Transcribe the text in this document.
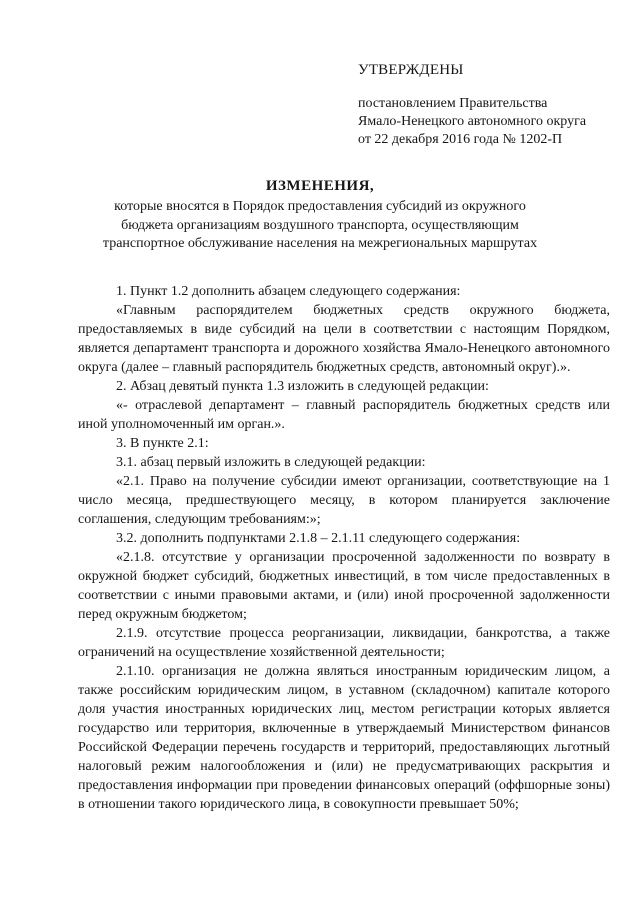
УТВЕРЖДЕНЫ
постановлением Правительства
Ямало-Ненецкого автономного округа
от 22 декабря 2016 года № 1202-П
ИЗМЕНЕНИЯ,
которые вносятся в Порядок предоставления субсидий из окружного
бюджета организациям воздушного транспорта, осуществляющим
транспортное обслуживание населения на межрегиональных маршрутах

1. Пункт 1.2 дополнить абзацем следующего содержания:

«Главным распорядителем бюджетных средств окружного бюджета, предоставляемых в виде субсидий на цели в соответствии с настоящим Порядком, является департамент транспорта и дорожного хозяйства Ямало-Ненецкого автономного округа (далее – главный распорядитель бюджетных средств, автономный округ).».

2. Абзац девятый пункта 1.3 изложить в следующей редакции:

«- отраслевой департамент – главный распорядитель бюджетных средств или иной уполномоченный им орган.».

3. В пункте 2.1:

3.1. абзац первый изложить в следующей редакции:

«2.1. Право на получение субсидии имеют организации, соответствующие на 1 число месяца, предшествующего месяцу, в котором планируется заключение соглашения, следующим требованиям:»;

3.2. дополнить подпунктами 2.1.8 – 2.1.11 следующего содержания:

«2.1.8. отсутствие у организации просроченной задолженности по возврату в окружной бюджет субсидий, бюджетных инвестиций, в том числе предоставленных в соответствии с иными правовыми актами, и (или) иной просроченной задолженности перед окружным бюджетом;

2.1.9. отсутствие процесса реорганизации, ликвидации, банкротства, а также ограничений на осуществление хозяйственной деятельности;

2.1.10. организация не должна являться иностранным юридическим лицом, а также российским юридическим лицом, в уставном (складочном) капитале которого доля участия иностранных юридических лиц, местом регистрации которых является государство или территория, включенные в утверждаемый Министерством финансов Российской Федерации перечень государств и территорий, предоставляющих льготный налоговый режим налогообложения и (или) не предусматривающих раскрытия и предоставления информации при проведении финансовых операций (оффшорные зоны) в отношении такого юридического лица, в совокупности превышает 50%;
